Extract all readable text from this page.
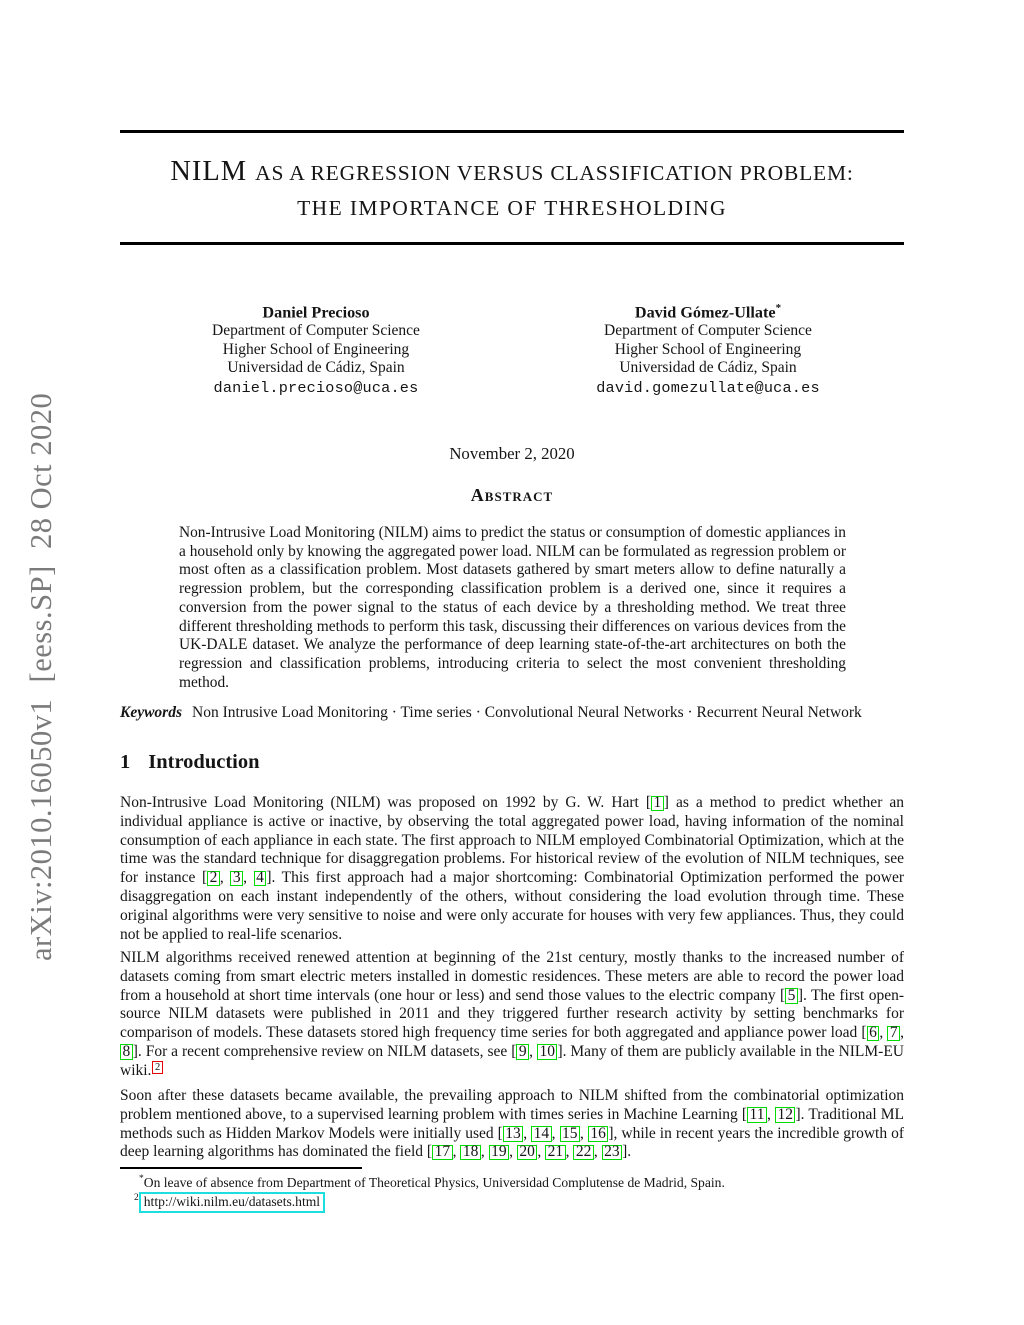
arXiv:2010.16050v1  [eess.SP]  28 Oct 2020
NILM AS A REGRESSION VERSUS CLASSIFICATION PROBLEM:
THE IMPORTANCE OF THRESHOLDING
Daniel Precioso
Department of Computer Science
Higher School of Engineering
Universidad de Cádiz, Spain
daniel.precioso@uca.es
David Gómez-Ullate*
Department of Computer Science
Higher School of Engineering
Universidad de Cádiz, Spain
david.gomezullate@uca.es
November 2, 2020
Abstract
Non-Intrusive Load Monitoring (NILM) aims to predict the status or consumption of domestic appliances in a household only by knowing the aggregated power load. NILM can be formulated as regression problem or most often as a classification problem. Most datasets gathered by smart meters allow to define naturally a regression problem, but the corresponding classification problem is a derived one, since it requires a conversion from the power signal to the status of each device by a thresholding method. We treat three different thresholding methods to perform this task, discussing their differences on various devices from the UK-DALE dataset. We analyze the performance of deep learning state-of-the-art architectures on both the regression and classification problems, introducing criteria to select the most convenient thresholding method.
Keywords Non Intrusive Load Monitoring · Time series · Convolutional Neural Networks · Recurrent Neural Network
1 Introduction
Non-Intrusive Load Monitoring (NILM) was proposed on 1992 by G. W. Hart [ 1 ] as a method to predict whether an individual appliance is active or inactive, by observing the total aggregated power load, having information of the nominal consumption of each appliance in each state. The first approach to NILM employed Combinatorial Optimization, which at the time was the standard technique for disaggregation problems. For historical review of the evolution of NILM techniques, see for instance [ 2 , 3 , 4 ]. This first approach had a major shortcoming: Combinatorial Optimization performed the power disaggregation on each instant independently of the others, without considering the load evolution through time. These original algorithms were very sensitive to noise and were only accurate for houses with very few appliances. Thus, they could not be applied to real-life scenarios.
NILM algorithms received renewed attention at beginning of the 21st century, mostly thanks to the increased number of datasets coming from smart electric meters installed in domestic residences. These meters are able to record the power load from a household at short time intervals (one hour or less) and send those values to the electric company [ 5 ]. The first open-source NILM datasets were published in 2011 and they triggered further research activity by setting benchmarks for comparison of models. These datasets stored high frequency time series for both aggregated and appliance power load [ 6 , 7 , 8 ]. For a recent comprehensive review on NILM datasets, see [ 9 , 10 ]. Many of them are publicly available in the NILM-EU wiki. 2
Soon after these datasets became available, the prevailing approach to NILM shifted from the combinatorial optimization problem mentioned above, to a supervised learning problem with times series in Machine Learning [ 11 , 12 ]. Traditional ML methods such as Hidden Markov Models were initially used [ 13 , 14 , 15 , 16 ], while in recent years the incredible growth of deep learning algorithms has dominated the field [ 17 , 18 , 19 , 20 , 21 , 22 , 23 ].
*On leave of absence from Department of Theoretical Physics, Universidad Complutense de Madrid, Spain.
$^2$ http://wiki.nilm.eu/datasets.html
